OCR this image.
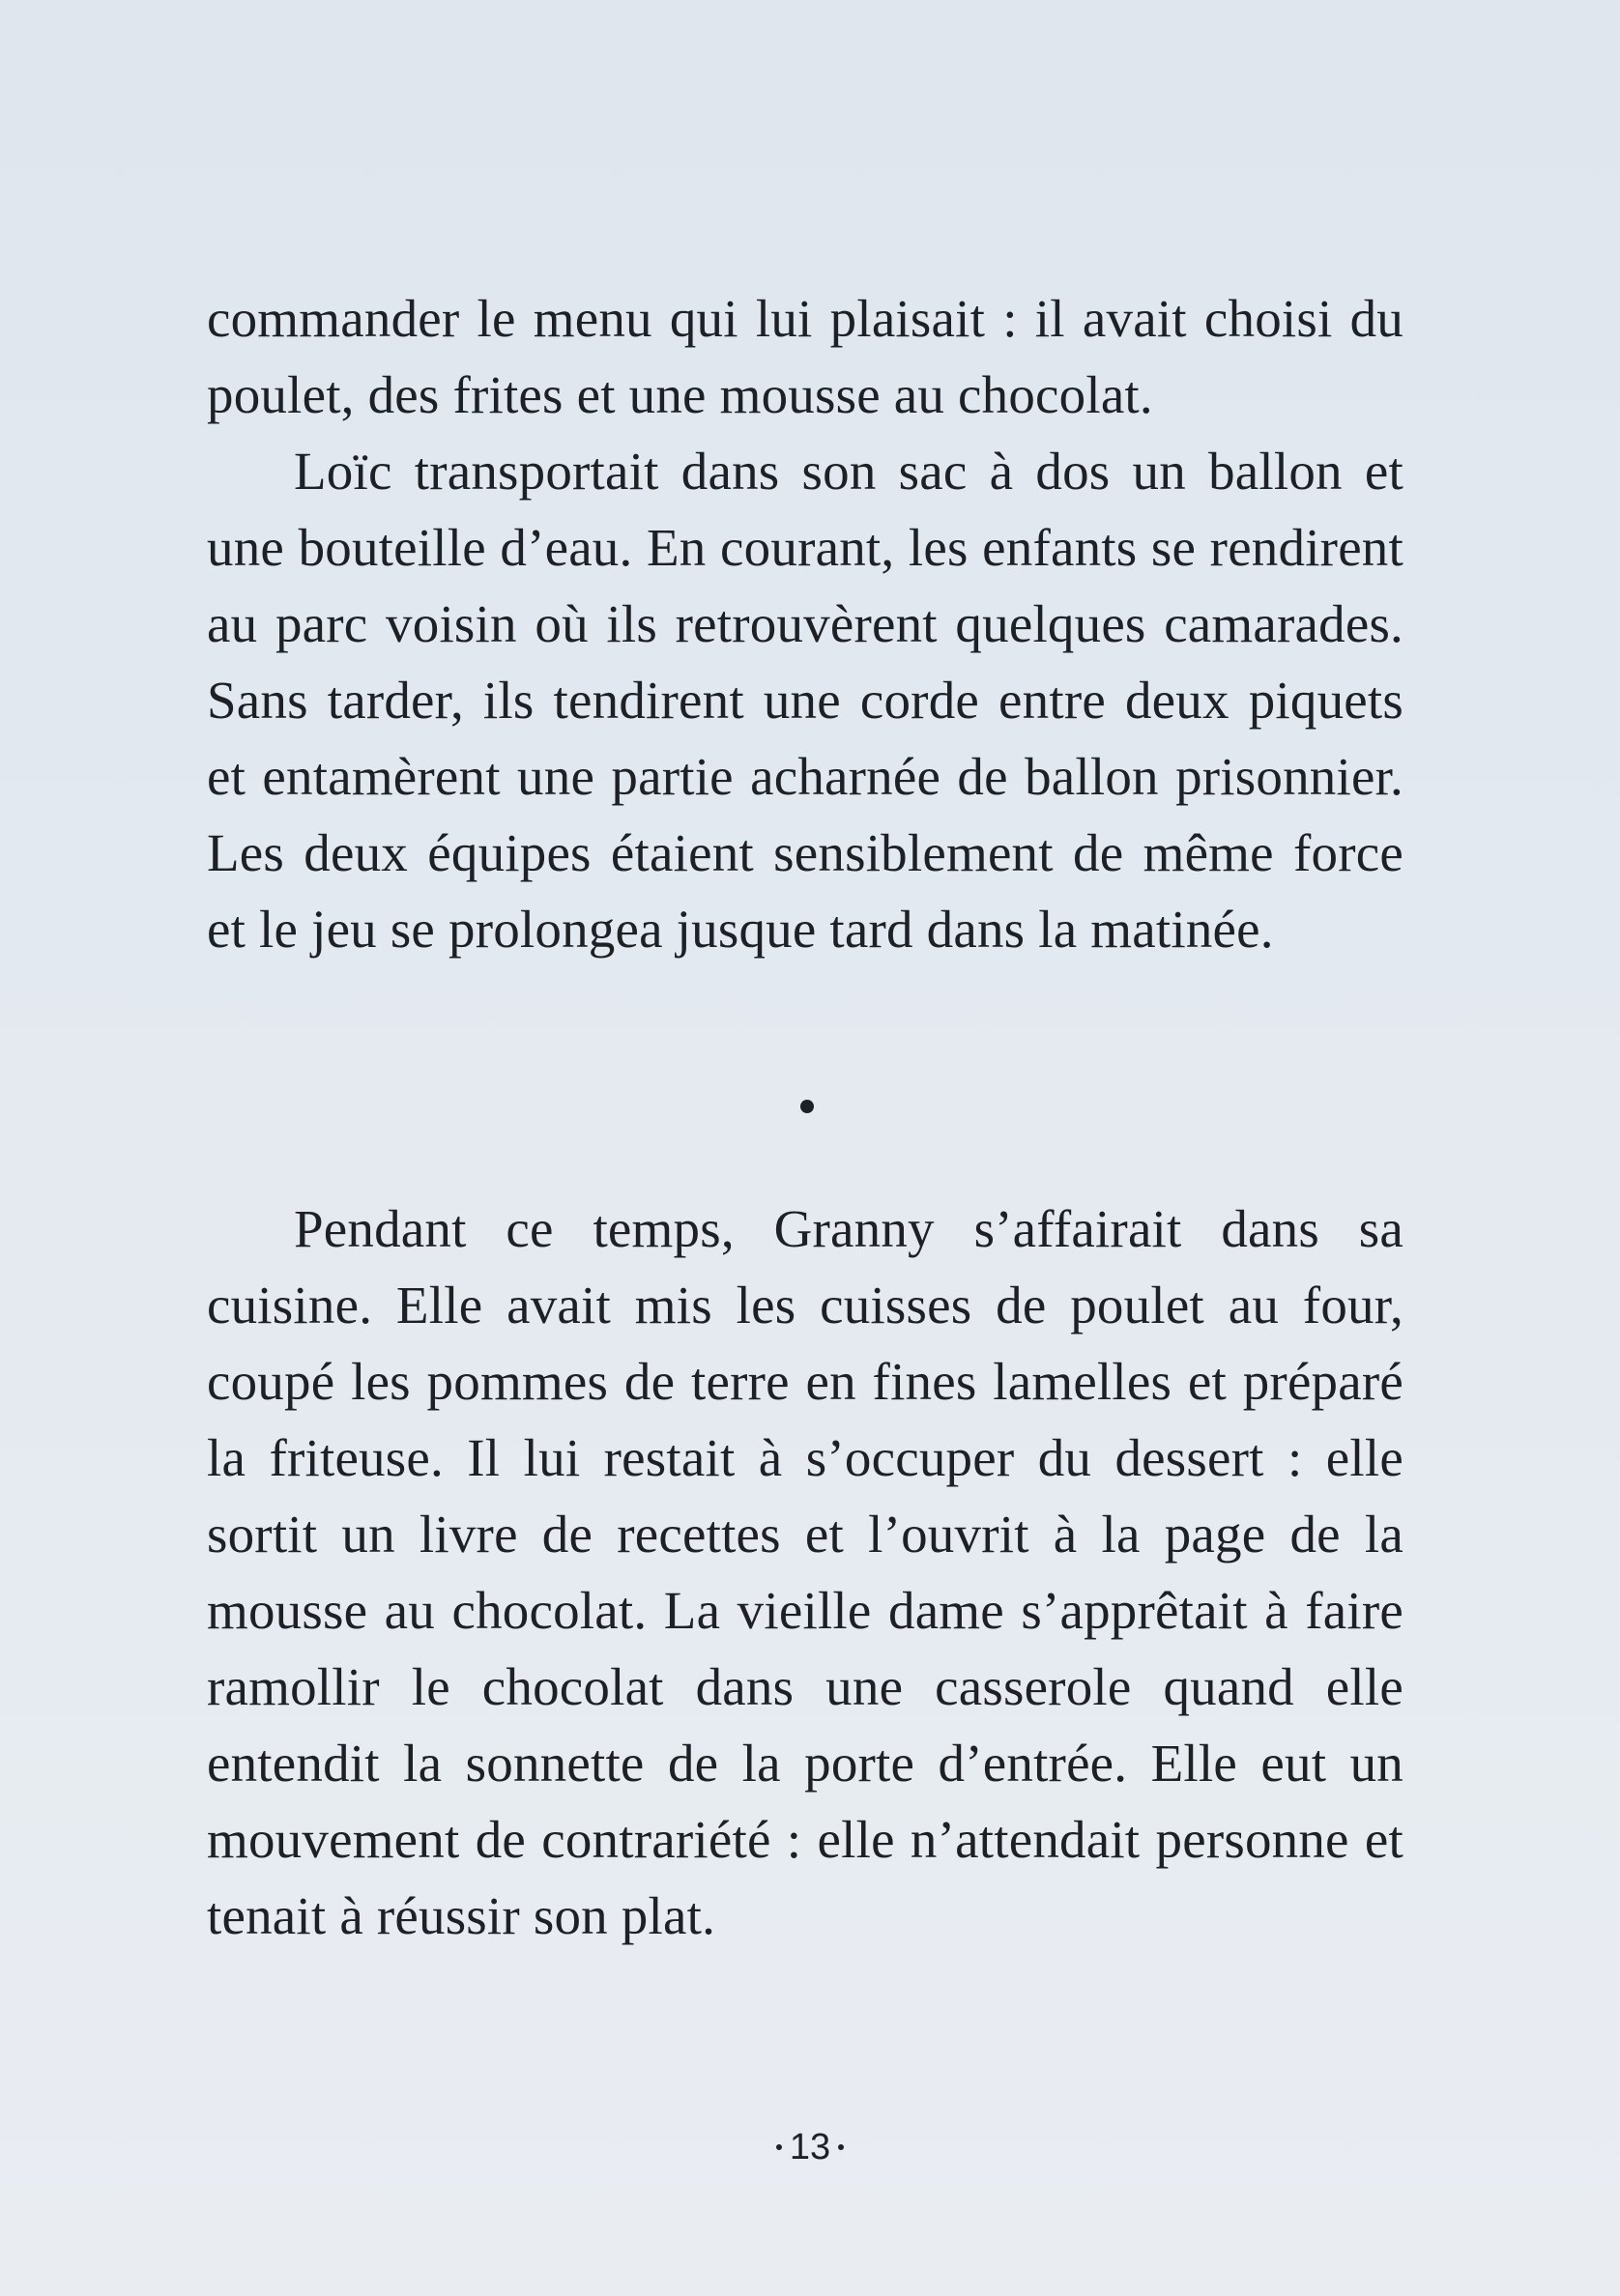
commander le menu qui lui plaisait : il avait choisi du poulet, des frites et une mousse au chocolat.

Loïc transportait dans son sac à dos un ballon et une bouteille d’eau. En courant, les enfants se rendirent au parc voisin où ils retrouvèrent quelques camarades. Sans tarder, ils tendirent une corde entre deux piquets et entamèrent une partie acharnée de ballon prisonnier. Les deux équipes étaient sensiblement de même force et le jeu se prolongea jusque tard dans la matinée.

Pendant ce temps, Granny s’affairait dans sa cuisine. Elle avait mis les cuisses de poulet au four, coupé les pommes de terre en fines lamelles et préparé la friteuse. Il lui restait à s’occuper du dessert : elle sortit un livre de recettes et l’ouvrit à la page de la mousse au chocolat. La vieille dame s’apprêtait à faire ramollir le chocolat dans une casserole quand elle entendit la sonnette de la porte d’entrée. Elle eut un mouvement de contrariété : elle n’attendait personne et tenait à réussir son plat.

13
